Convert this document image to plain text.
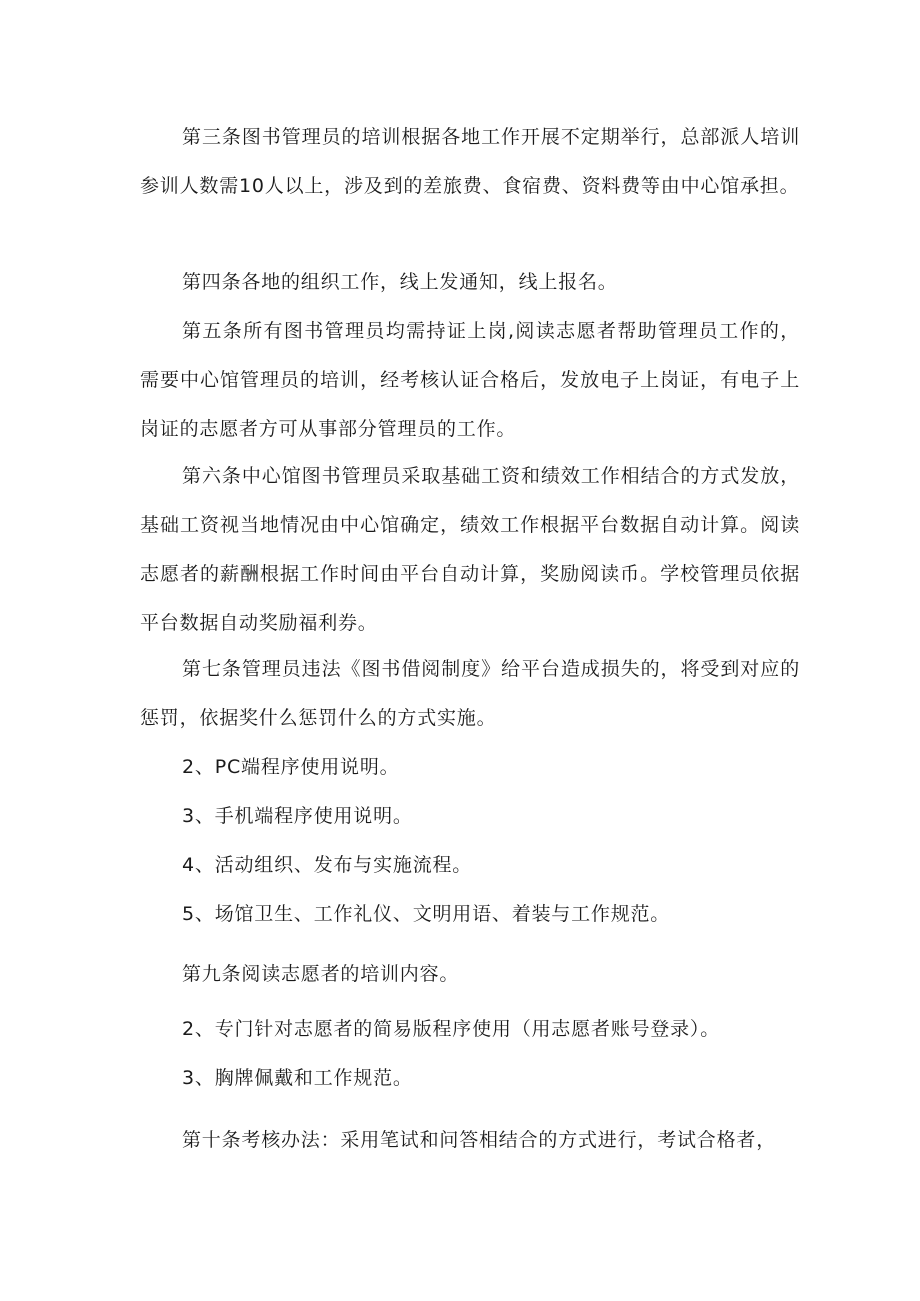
第三条图书管理员的培训根据各地工作开展不定期举行，总部派人培训参训人数需10人以上，涉及到的差旅费、食宿费、资料费等由中心馆承担。

第四条各地的组织工作，线上发通知，线上报名。

第五条所有图书管理员均需持证上岗,阅读志愿者帮助管理员工作的，需要中心馆管理员的培训，经考核认证合格后，发放电子上岗证，有电子上岗证的志愿者方可从事部分管理员的工作。

第六条中心馆图书管理员采取基础工资和绩效工作相结合的方式发放，基础工资视当地情况由中心馆确定，绩效工作根据平台数据自动计算。阅读志愿者的薪酬根据工作时间由平台自动计算，奖励阅读币。学校管理员依据平台数据自动奖励福利券。

第七条管理员违法《图书借阅制度》给平台造成损失的，将受到对应的惩罚，依据奖什么惩罚什么的方式实施。

2、PC端程序使用说明。

3、手机端程序使用说明。

4、活动组织、发布与实施流程。

5、场馆卫生、工作礼仪、文明用语、着装与工作规范。

第九条阅读志愿者的培训内容。

2、专门针对志愿者的简易版程序使用（用志愿者账号登录）。

3、胸牌佩戴和工作规范。

第十条考核办法：采用笔试和问答相结合的方式进行，考试合格者，
